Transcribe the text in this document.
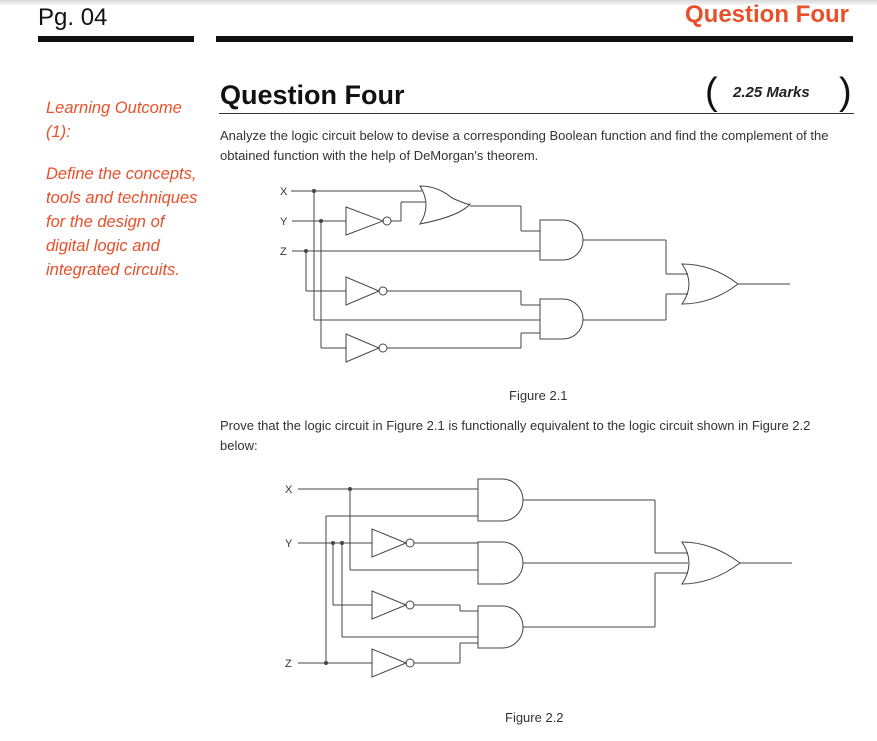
Pg. 04	Question Four

Learning Outcome (1):

Define the concepts, tools and techniques for the design of digital logic and integrated circuits.

Question Four	( 2.25 Marks )
Analyze the logic circuit below to devise a corresponding Boolean function and find the complement of the obtained function with the help of DeMorgan's theorem.
X
Y
Z
Figure 2.1
Prove that the logic circuit in Figure 2.1 is functionally equivalent to the logic circuit shown in Figure 2.2 below:
X
Y
Z
Figure 2.2
